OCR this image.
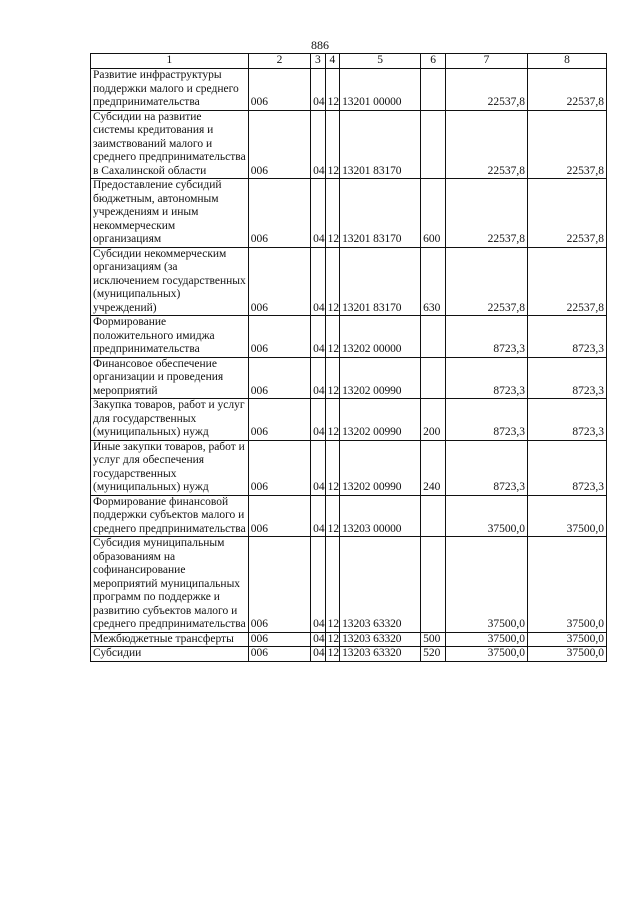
886
1	2	3	4	5	6	7	8
Развитие инфраструктуры поддержки малого и среднего предпринимательства	006	04	12	13201 00000		22537,8	22537,8
Субсидии на развитие системы кредитования и заимствований малого и среднего предпринимательства в Сахалинской области	006	04	12	13201 83170		22537,8	22537,8
Предоставление субсидий бюджетным, автономным учреждениям и иным некоммерческим организациям	006	04	12	13201 83170	600	22537,8	22537,8
Субсидии некоммерческим организациям (за исключением государственных (муниципальных) учреждений)	006	04	12	13201 83170	630	22537,8	22537,8
Формирование положительного имиджа предпринимательства	006	04	12	13202 00000		8723,3	8723,3
Финансовое обеспечение организации и проведения мероприятий	006	04	12	13202 00990		8723,3	8723,3
Закупка товаров, работ и услуг для государственных (муниципальных) нужд	006	04	12	13202 00990	200	8723,3	8723,3
Иные закупки товаров, работ и услуг для обеспечения государственных (муниципальных) нужд	006	04	12	13202 00990	240	8723,3	8723,3
Формирование финансовой поддержки субъектов малого и среднего предпринимательства	006	04	12	13203 00000		37500,0	37500,0
Субсидия муниципальным образованиям на софинансирование мероприятий муниципальных программ по поддержке и развитию субъектов малого и среднего предпринимательства	006	04	12	13203 63320		37500,0	37500,0
Межбюджетные трансферты	006	04	12	13203 63320	500	37500,0	37500,0
Субсидии	006	04	12	13203 63320	520	37500,0	37500,0
